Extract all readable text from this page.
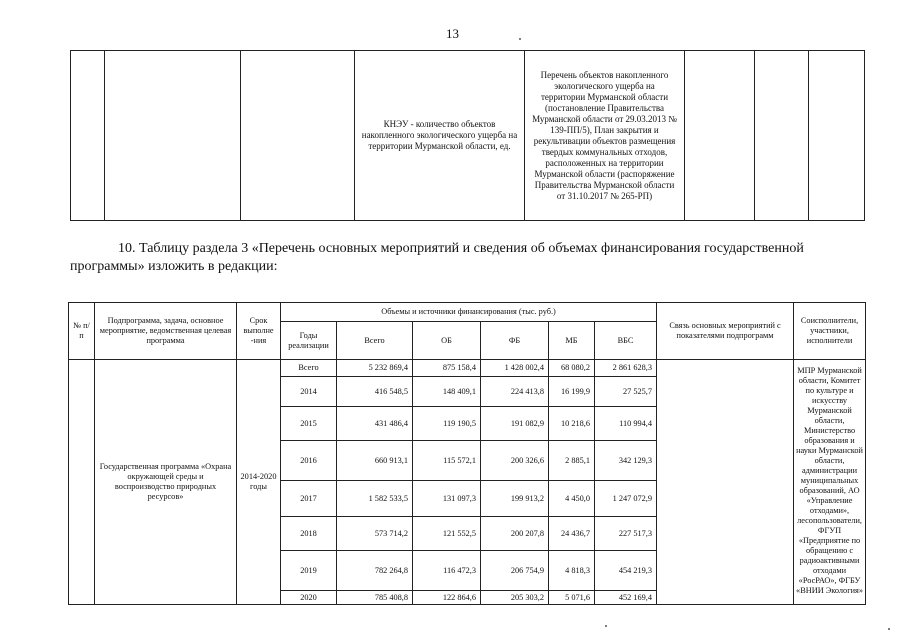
13
			КНЭУ - количество объектов накопленного экологического ущерба на территории Мурманской области, ед.	Перечень объектов накопленного экологического ущерба на территории Мурманской области (постановление Правительства Мурманской области от 29.03.2013 № 139-ПП/5), План закрытия и рекультивации объектов размещения твердых коммунальных отходов, расположенных на территории Мурманской области (распоряжение Правительства Мурманской области от 31.10.2017 № 265-РП)			
10. Таблицу раздела 3 «Перечень основных мероприятий и сведения об объемах финансирования государственной программы» изложить в редакции:
№ п/п	Подпрограмма, задача, основное мероприятие, ведомственная целевая программа	Срок выполне -ния	Объемы и источники финансирования (тыс. руб.)						Связь основных мероприятий с показателями подпрограмм	Соисполнители, участники, исполнители
			Годы реализации	Всего	ОБ	ФБ	МБ	ВБС		
	Государственная программа «Охрана окружающей среды и воспроизводство природных ресурсов»	2014-2020 годы	Всего	5 232 869,4	875 158,4	1 428 002,4	68 080,2	2 861 628,3		МПР Мурманской области, Комитет по культуре и искусству Мурманской области, Министерство образования и науки Мурманской области, администрации муниципальных образований, АО «Управление отходами», лесопользователи, ФГУП «Предприятие по обращению с радиоактивными отходами «РосРАО», ФГБУ «ВНИИ Экология»
			2014	416 548,5	148 409,1	224 413,8	16 199,9	27 525,7		
			2015	431 486,4	119 190,5	191 082,9	10 218,6	110 994,4		
			2016	660 913,1	115 572,1	200 326,6	2 885,1	342 129,3		
			2017	1 582 533,5	131 097,3	199 913,2	4 450,0	1 247 072,9		
			2018	573 714,2	121 552,5	200 207,8	24 436,7	227 517,3		
			2019	782 264,8	116 472,3	206 754,9	4 818,3	454 219,3		
			2020	785 408,8	122 864,6	205 303,2	5 071,6	452 169,4		
